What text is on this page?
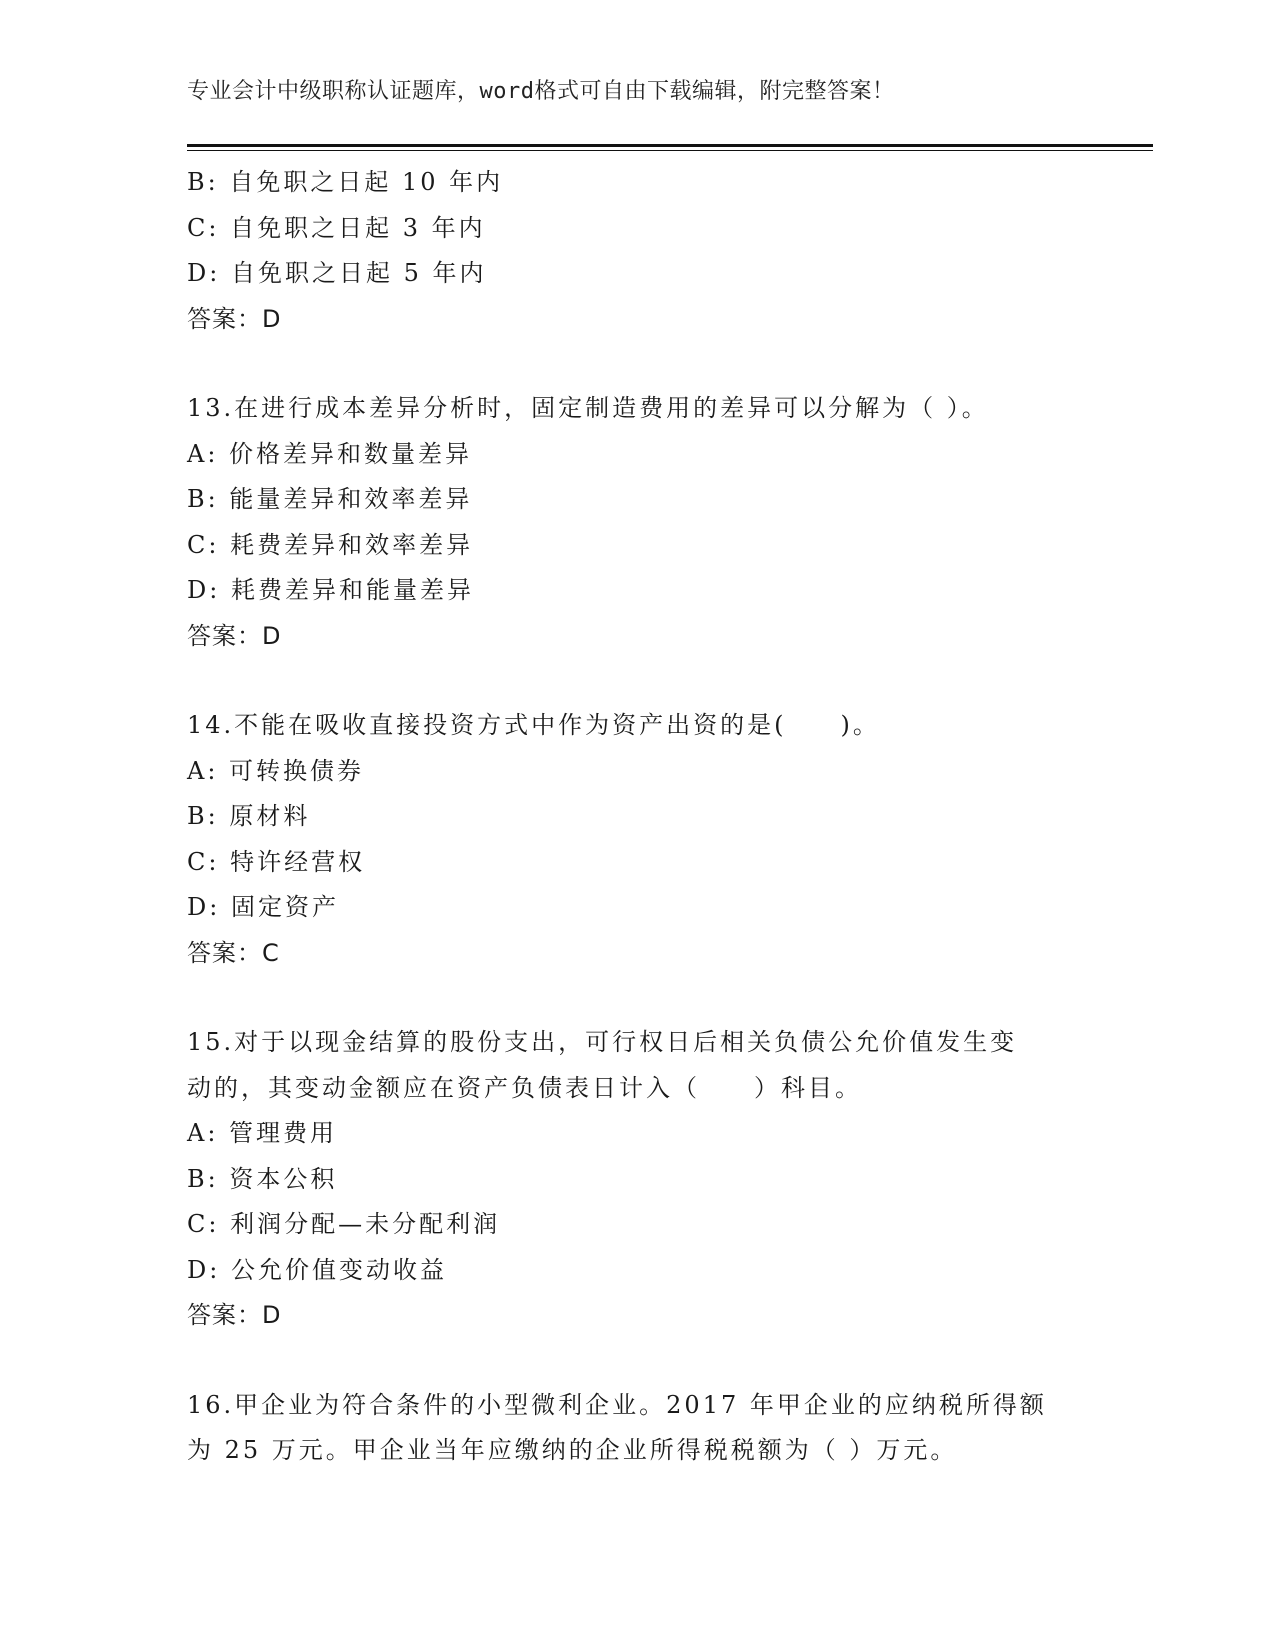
专业会计中级职称认证题库，word格式可自由下载编辑，附完整答案！
B: 自免职之日起 10 年内
C: 自免职之日起 3 年内
D: 自免职之日起 5 年内
答案：D
13.在进行成本差异分析时，固定制造费用的差异可以分解为（ ）。
A: 价格差异和数量差异
B: 能量差异和效率差异
C: 耗费差异和效率差异
D: 耗费差异和能量差异
答案：D
14.不能在吸收直接投资方式中作为资产出资的是(　　)。
A: 可转换债券
B: 原材料
C: 特许经营权
D: 固定资产
答案：C
15.对于以现金结算的股份支出，可行权日后相关负债公允价值发生变
动的，其变动金额应在资产负债表日计入（　　）科目。
A: 管理费用
B: 资本公积
C: 利润分配—未分配利润
D: 公允价值变动收益
答案：D
16.甲企业为符合条件的小型微利企业。2017 年甲企业的应纳税所得额
为 25 万元。甲企业当年应缴纳的企业所得税税额为（ ）万元。
